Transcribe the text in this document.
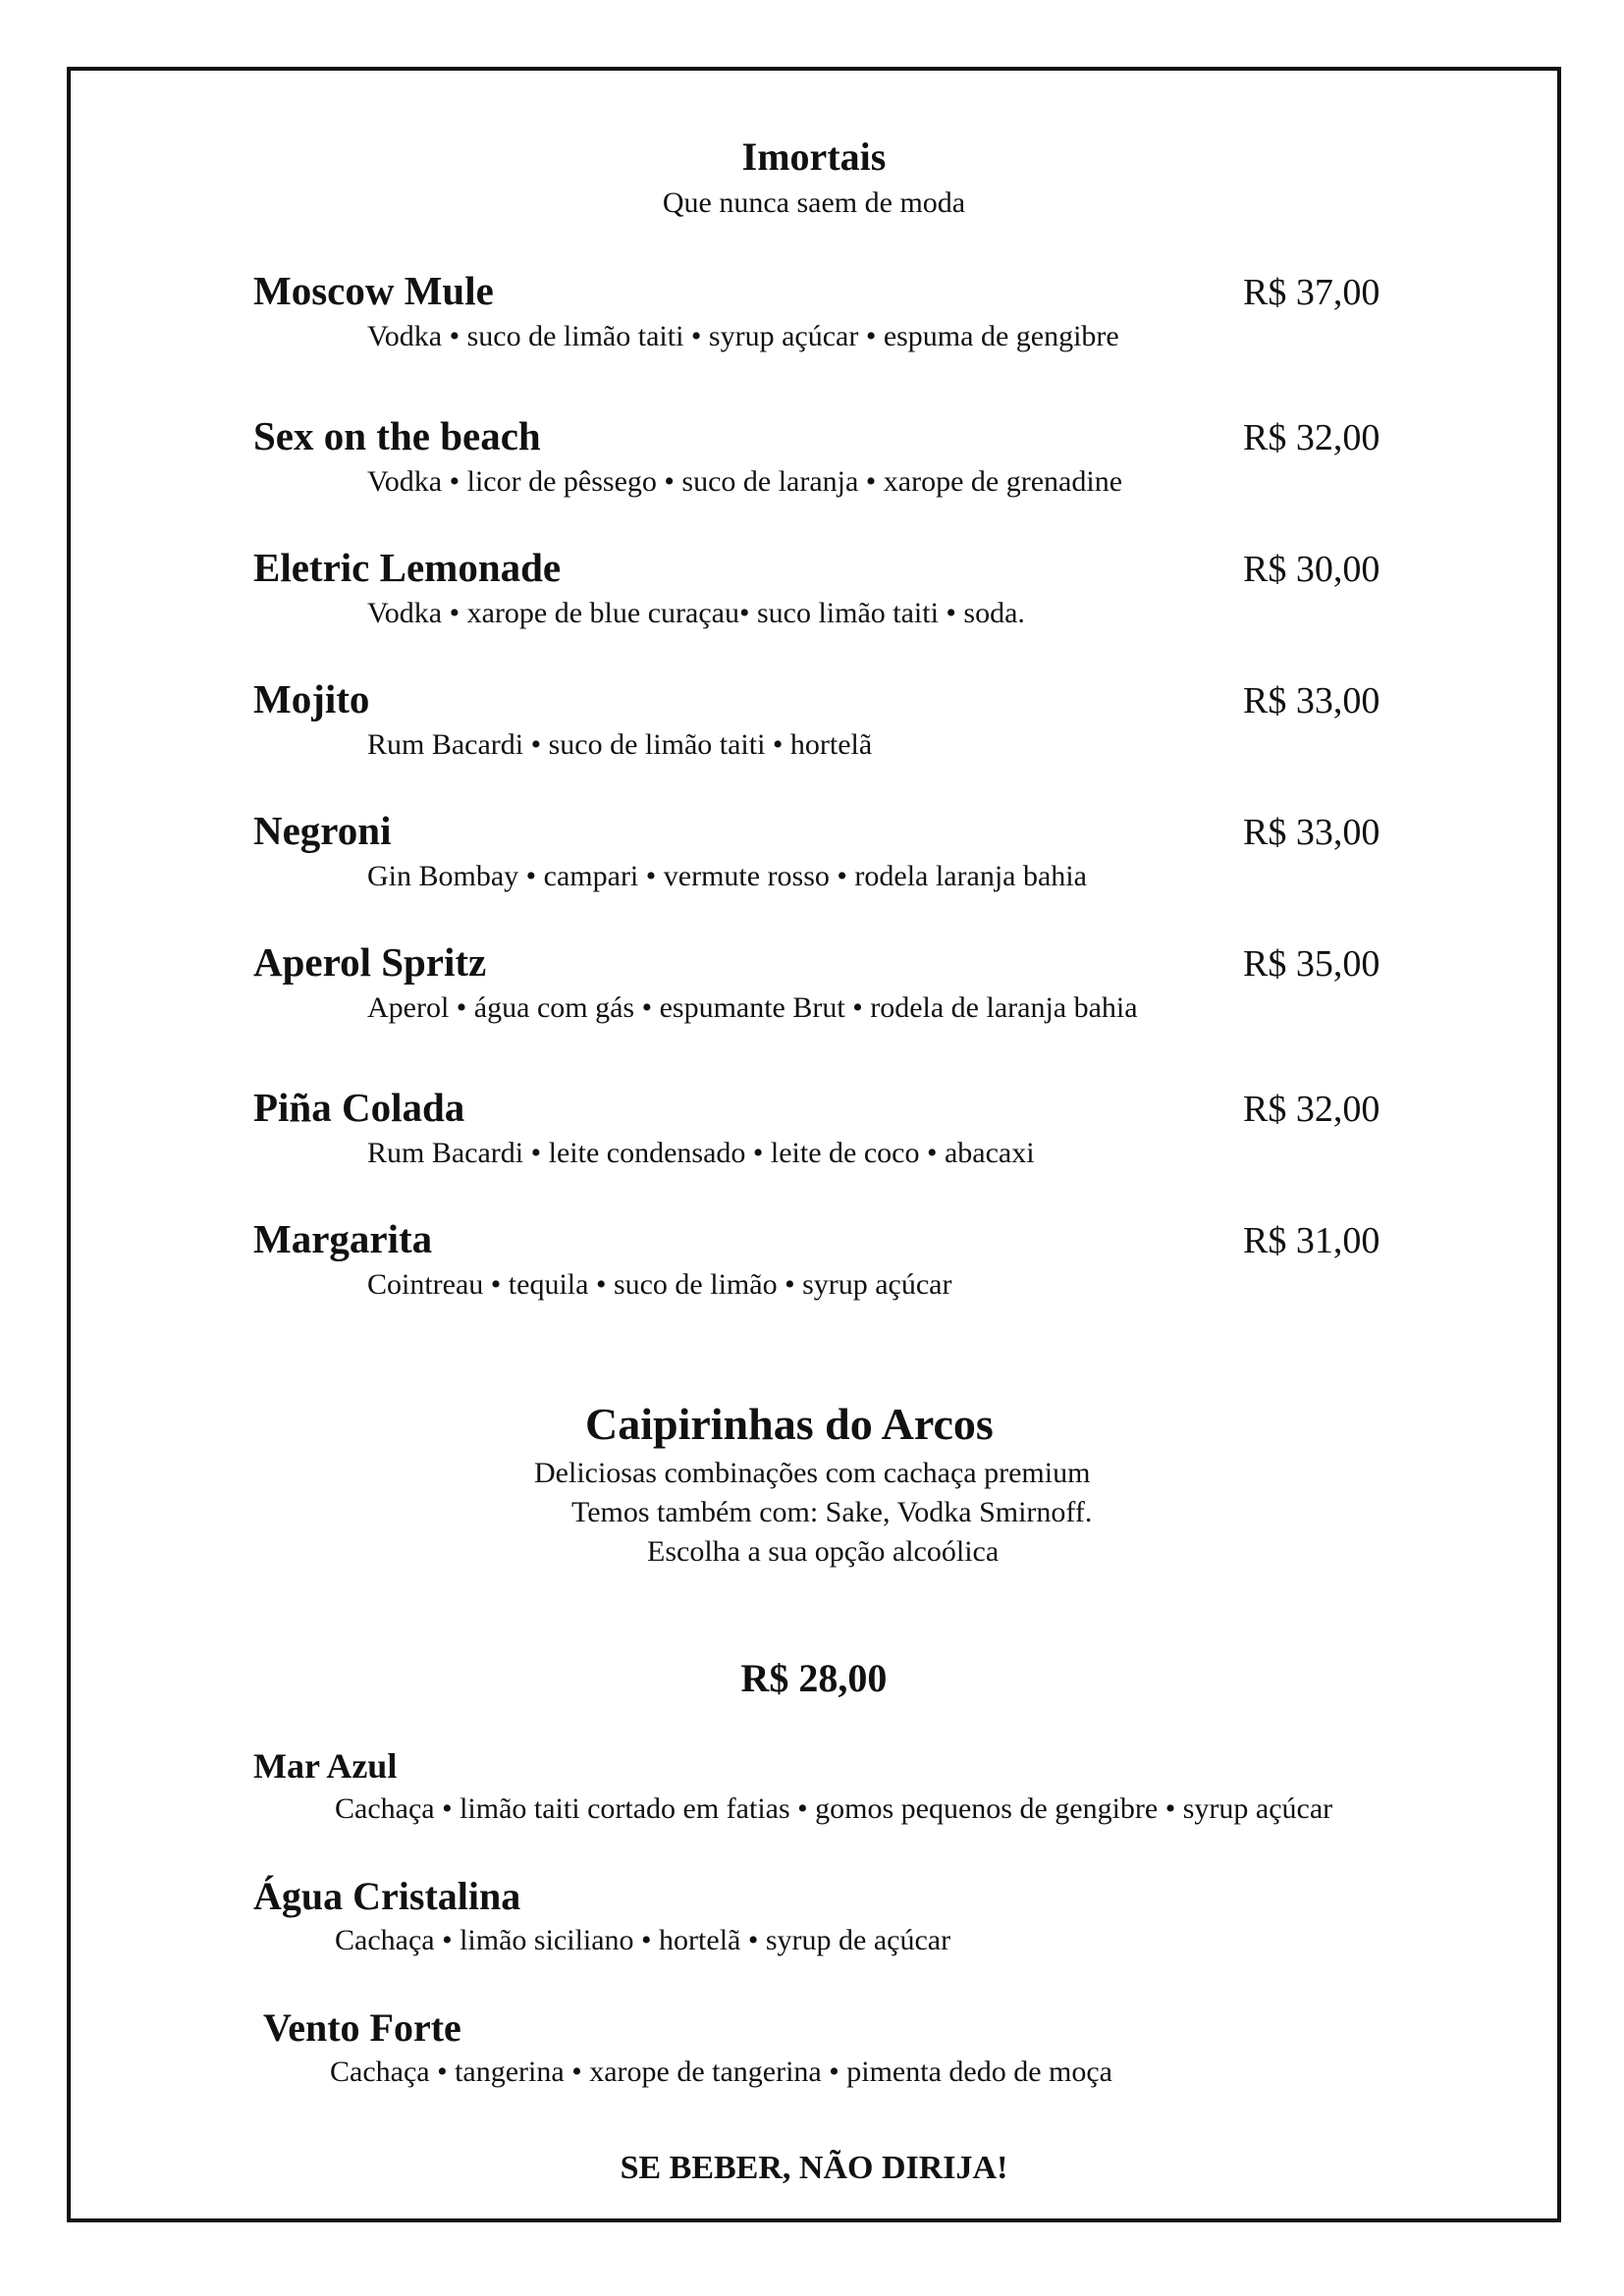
Imortais
Que nunca saem de moda
Moscow Mule	R$ 37,00
Vodka • suco de limão taiti • syrup açúcar • espuma de gengibre
Sex on the beach	R$ 32,00
Vodka • licor de pêssego • suco de laranja • xarope de grenadine
Eletric Lemonade	R$ 30,00
Vodka • xarope de blue curaçau• suco limão taiti • soda.
Mojito	R$ 33,00
Rum Bacardi • suco de limão taiti • hortelã
Negroni	R$ 33,00
Gin Bombay • campari • vermute rosso • rodela laranja bahia
Aperol Spritz	R$ 35,00
Aperol • água com gás • espumante Brut • rodela de laranja bahia
Piña Colada	R$ 32,00
Rum Bacardi • leite condensado • leite de coco • abacaxi
Margarita	R$ 31,00
Cointreau • tequila • suco de limão • syrup açúcar
Caipirinhas do Arcos
Deliciosas combinações com cachaça premium
Temos também com: Sake, Vodka Smirnoff.
Escolha a sua opção alcoólica
R$ 28,00
Mar Azul
Cachaça • limão taiti cortado em fatias • gomos pequenos de gengibre • syrup açúcar
Água Cristalina
Cachaça • limão siciliano • hortelã • syrup de açúcar
Vento Forte
Cachaça • tangerina • xarope de tangerina • pimenta dedo de moça
SE BEBER, NÃO DIRIJA!
